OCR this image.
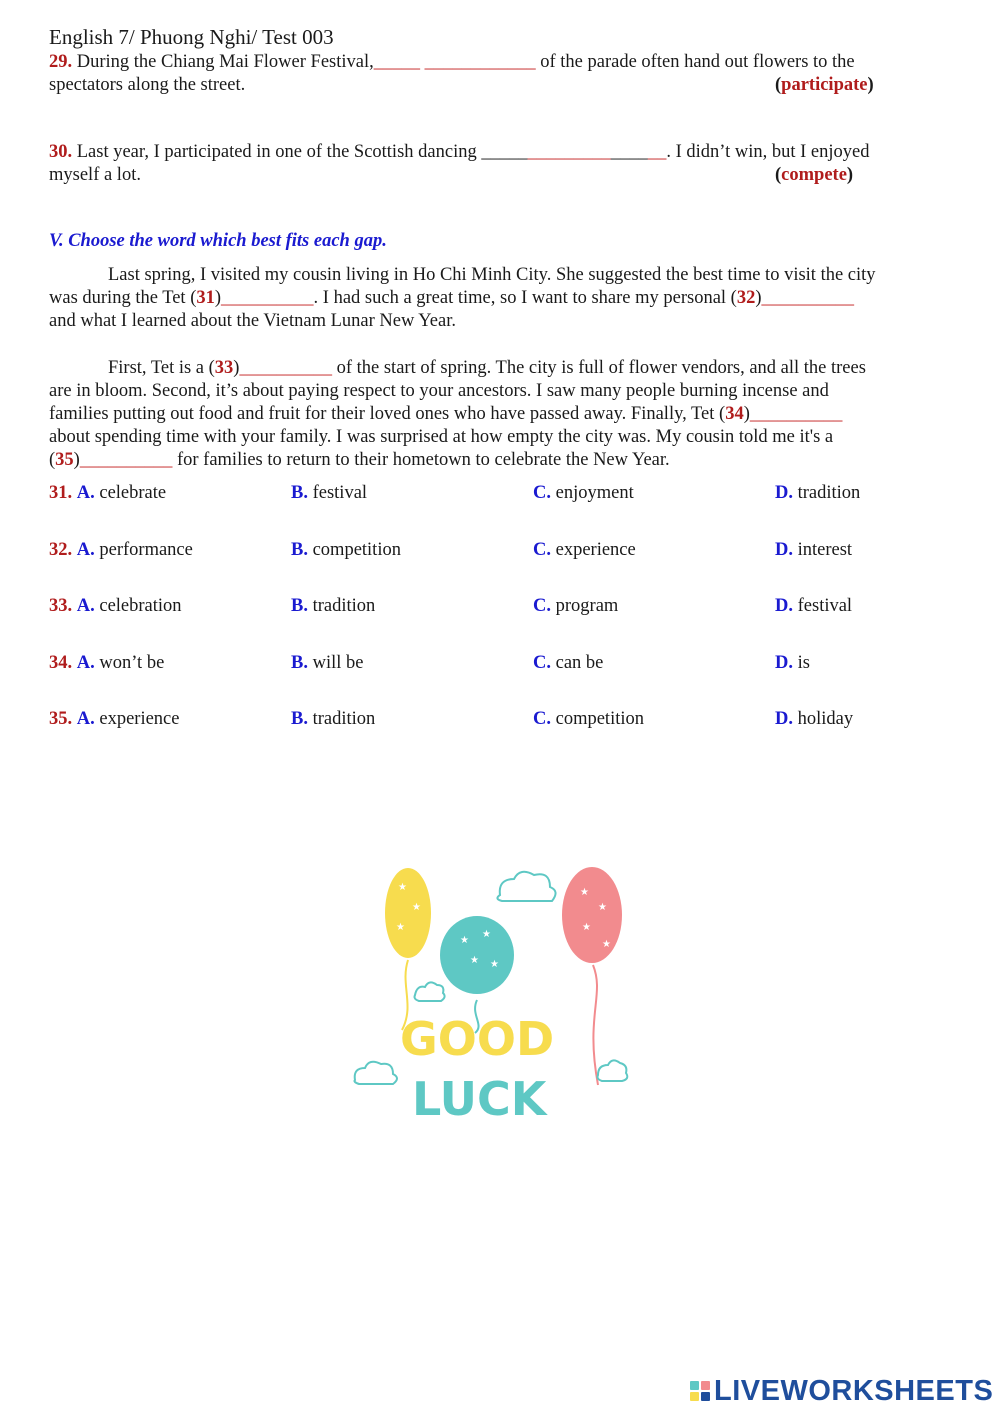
English 7/ Phuong Nghi/ Test 003
29. During the Chiang Mai Flower Festival,_____ ____________ of the parade often hand out flowers to the
spectators along the street.	(participate)
30. Last year, I participated in one of the Scottish dancing ____________________. I didn’t win, but I enjoyed
myself a lot.	(compete)
V. Choose the word which best fits each gap.
Last spring, I visited my cousin living in Ho Chi Minh City. She suggested the best time to visit the city
was during the Tet (31)__________. I had such a great time, so I want to share my personal (32)__________
and what I learned about the Vietnam Lunar New Year.
First, Tet is a (33)__________ of the start of spring. The city is full of flower vendors, and all the trees
are in bloom. Second, it’s about paying respect to your ancestors. I saw many people burning incense and
families putting out food and fruit for their loved ones who have passed away. Finally, Tet (34)__________
about spending time with your family. I was surprised at how empty the city was. My cousin told me it's a
(35)__________ for families to return to their hometown to celebrate the New Year.
31. A. celebrate	B. festival	C. enjoyment	D. tradition
32. A. performance	B. competition	C. experience	D. interest
33. A. celebration	B. tradition	C. program	D. festival
34. A. won’t be	B. will be	C. can be	D. is
35. A. experience	B. tradition	C. competition	D. holiday
★
★
★
★
★
★ ★
★
★
★
★
GOOD
LUCK
LIVEWORKSHEETS
